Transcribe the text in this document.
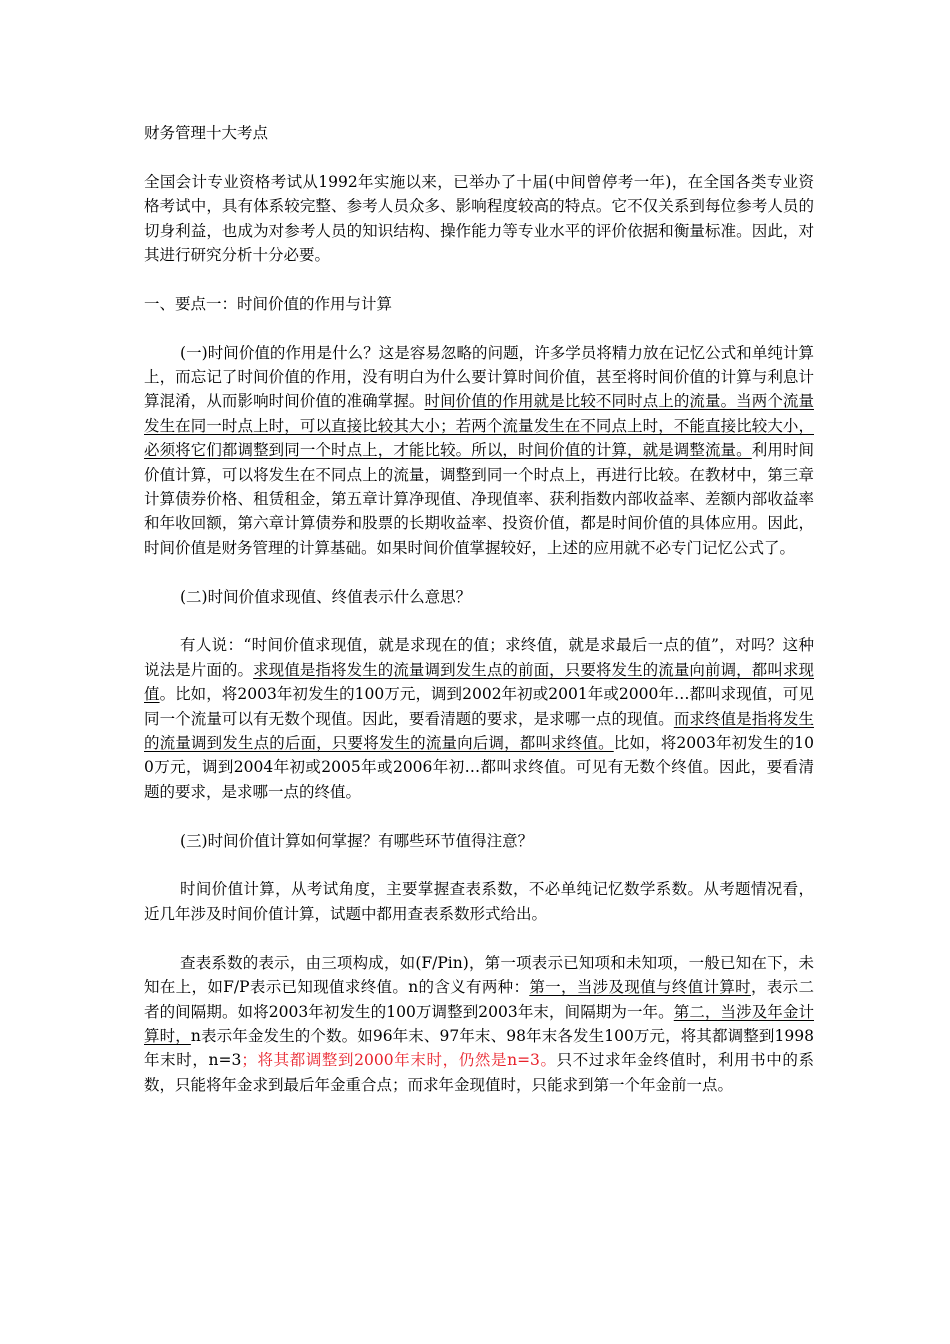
财务管理十大考点

全国会计专业资格考试从1992年实施以来，已举办了十届(中间曾停考一年)，在全国各类专业资格考试中，具有体系较完整、参考人员众多、影响程度较高的特点。它不仅关系到每位参考人员的切身利益，也成为对参考人员的知识结构、操作能力等专业水平的评价依据和衡量标准。因此，对其进行研究分析十分必要。

一、要点一：时间价值的作用与计算

(一)时间价值的作用是什么？这是容易忽略的问题，许多学员将精力放在记忆公式和单纯计算上，而忘记了时间价值的作用，没有明白为什么要计算时间价值，甚至将时间价值的计算与利息计算混淆，从而影响时间价值的准确掌握。时间价值的作用就是比较不同时点上的流量。当两个流量发生在同一时点上时，可以直接比较其大小；若两个流量发生在不同点上时，不能直接比较大小，必须将它们都调整到同一个时点上，才能比较。所以，时间价值的计算，就是调整流量。利用时间价值计算，可以将发生在不同点上的流量，调整到同一个时点上，再进行比较。在教材中，第三章计算债券价格、租赁租金，第五章计算净现值、净现值率、获利指数内部收益率、差额内部收益率和年收回额，第六章计算债券和股票的长期收益率、投资价值，都是时间价值的具体应用。因此，时间价值是财务管理的计算基础。如果时间价值掌握较好，上述的应用就不必专门记忆公式了。

(二)时间价值求现值、终值表示什么意思？

有人说：“时间价值求现值，就是求现在的值；求终值，就是求最后一点的值”，对吗？这种说法是片面的。求现值是指将发生的流量调到发生点的前面，只要将发生的流量向前调，都叫求现值。比如，将2003年初发生的100万元，调到2002年初或2001年或2000年…都叫求现值，可见同一个流量可以有无数个现值。因此，要看清题的要求，是求哪一点的现值。而求终值是指将发生的流量调到发生点的后面，只要将发生的流量向后调，都叫求终值。比如，将2003年初发生的100万元，调到2004年初或2005年或2006年初…都叫求终值。可见有无数个终值。因此，要看清题的要求，是求哪一点的终值。

(三)时间价值计算如何掌握？有哪些环节值得注意？

时间价值计算，从考试角度，主要掌握查表系数，不必单纯记忆数学系数。从考题情况看，近几年涉及时间价值计算，试题中都用查表系数形式给出。

查表系数的表示，由三项构成，如(F/Pin)，第一项表示已知项和未知项，一般已知在下，未知在上，如F/P表示已知现值求终值。n的含义有两种：第一，当涉及现值与终值计算时，表示二者的间隔期。如将2003年初发生的100万调整到2003年末，间隔期为一年。第二，当涉及年金计算时，n表示年金发生的个数。如96年末、97年末、98年末各发生100万元，将其都调整到1998年末时，n=3；将其都调整到2000年末时，仍然是n=3。只不过求年金终值时，利用书中的系数，只能将年金求到最后年金重合点；而求年金现值时，只能求到第一个年金前一点。
